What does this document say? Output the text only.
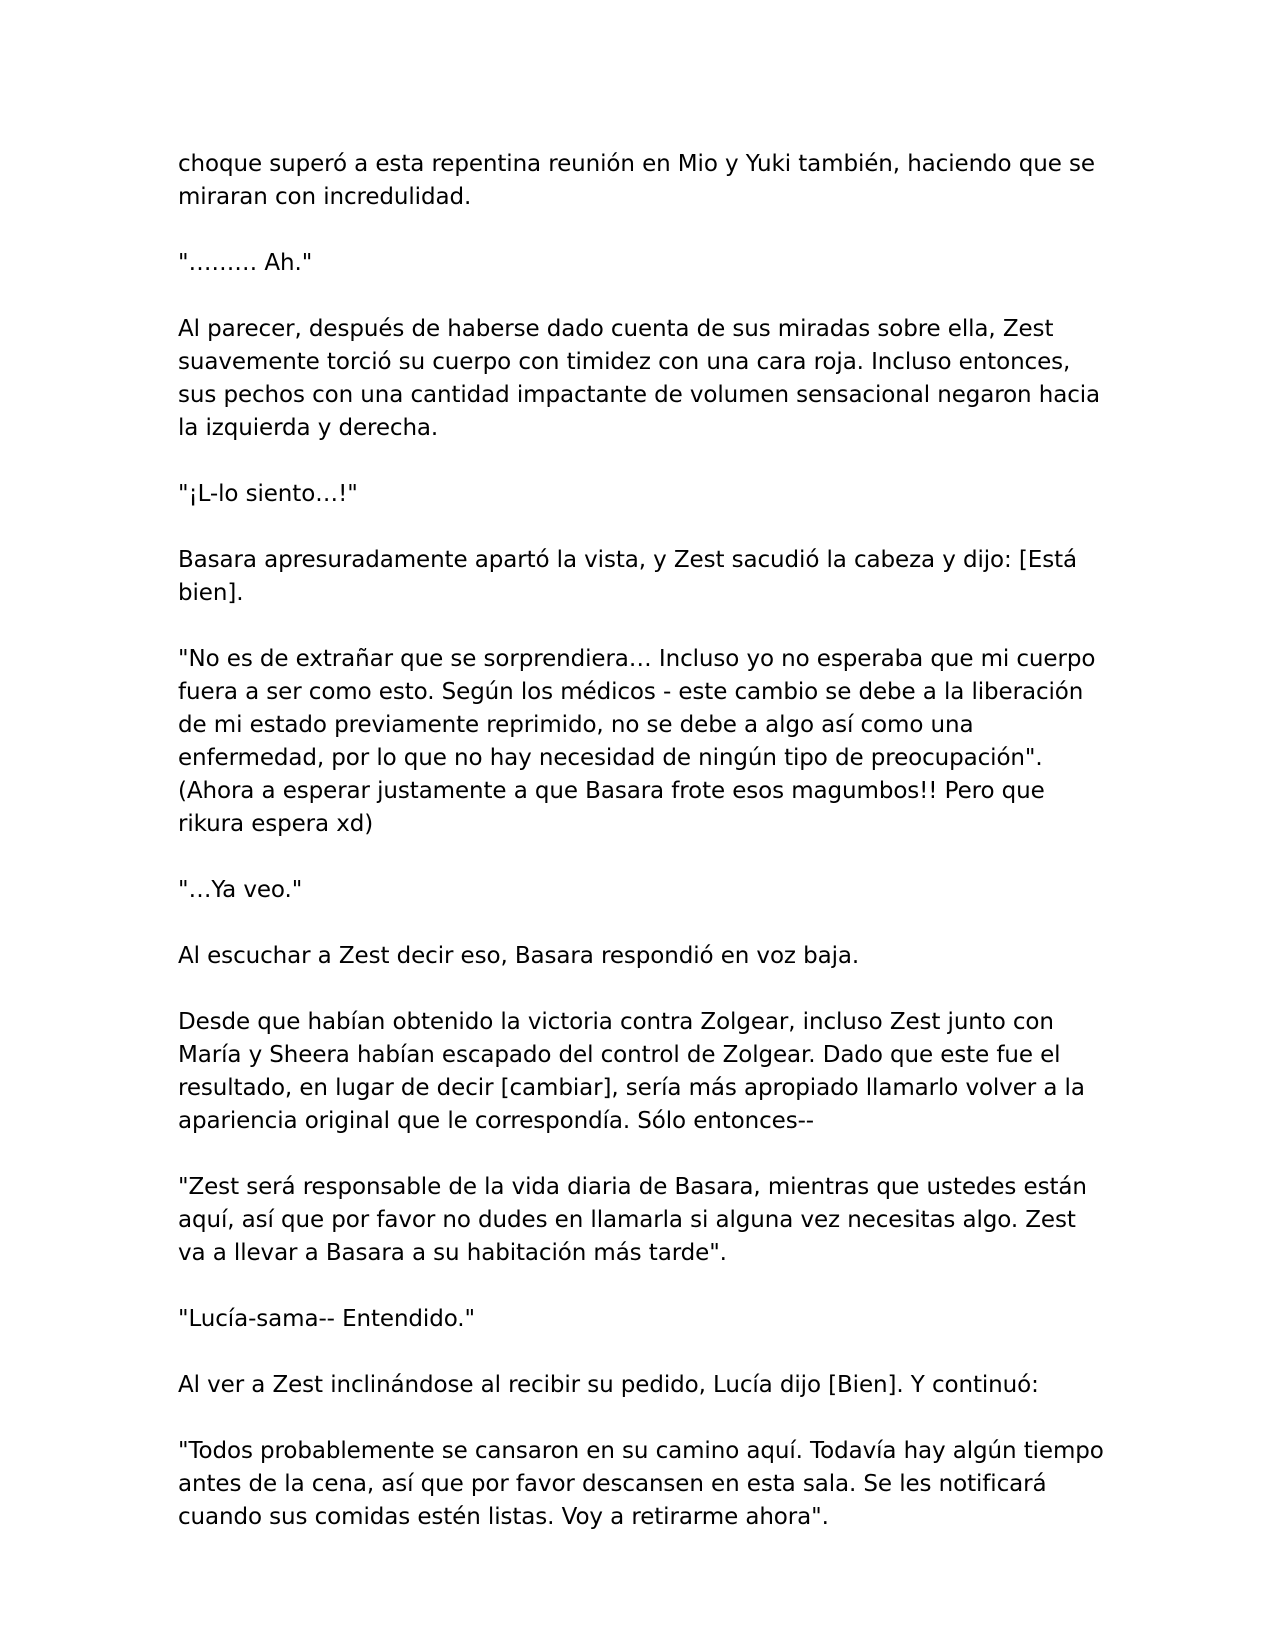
choque superó a esta repentina reunión en Mio y Yuki también, haciendo que se miraran con incredulidad.

"……… Ah."

Al parecer, después de haberse dado cuenta de sus miradas sobre ella, Zest suavemente torció su cuerpo con timidez con una cara roja. Incluso entonces, sus pechos con una cantidad impactante de volumen sensacional negaron hacia la izquierda y derecha.

"¡L-lo siento…!"

Basara apresuradamente apartó la vista, y Zest sacudió la cabeza y dijo: [Está bien].

"No es de extrañar que se sorprendiera… Incluso yo no esperaba que mi cuerpo fuera a ser como esto. Según los médicos - este cambio se debe a la liberación de mi estado previamente reprimido, no se debe a algo así como una enfermedad, por lo que no hay necesidad de ningún tipo de preocupación". (Ahora a esperar justamente a que Basara frote esos magumbos!! Pero que rikura espera xd)

"…Ya veo."

Al escuchar a Zest decir eso, Basara respondió en voz baja.

Desde que habían obtenido la victoria contra Zolgear, incluso Zest junto con María y Sheera habían escapado del control de Zolgear. Dado que este fue el resultado, en lugar de decir [cambiar], sería más apropiado llamarlo volver a la apariencia original que le correspondía. Sólo entonces--

"Zest será responsable de la vida diaria de Basara, mientras que ustedes están aquí, así que por favor no dudes en llamarla si alguna vez necesitas algo. Zest va a llevar a Basara a su habitación más tarde".

"Lucía-sama-- Entendido."

Al ver a Zest inclinándose al recibir su pedido, Lucía dijo [Bien]. Y continuó:

"Todos probablemente se cansaron en su camino aquí. Todavía hay algún tiempo antes de la cena, así que por favor descansen en esta sala. Se les notificará cuando sus comidas estén listas. Voy a retirarme ahora".
